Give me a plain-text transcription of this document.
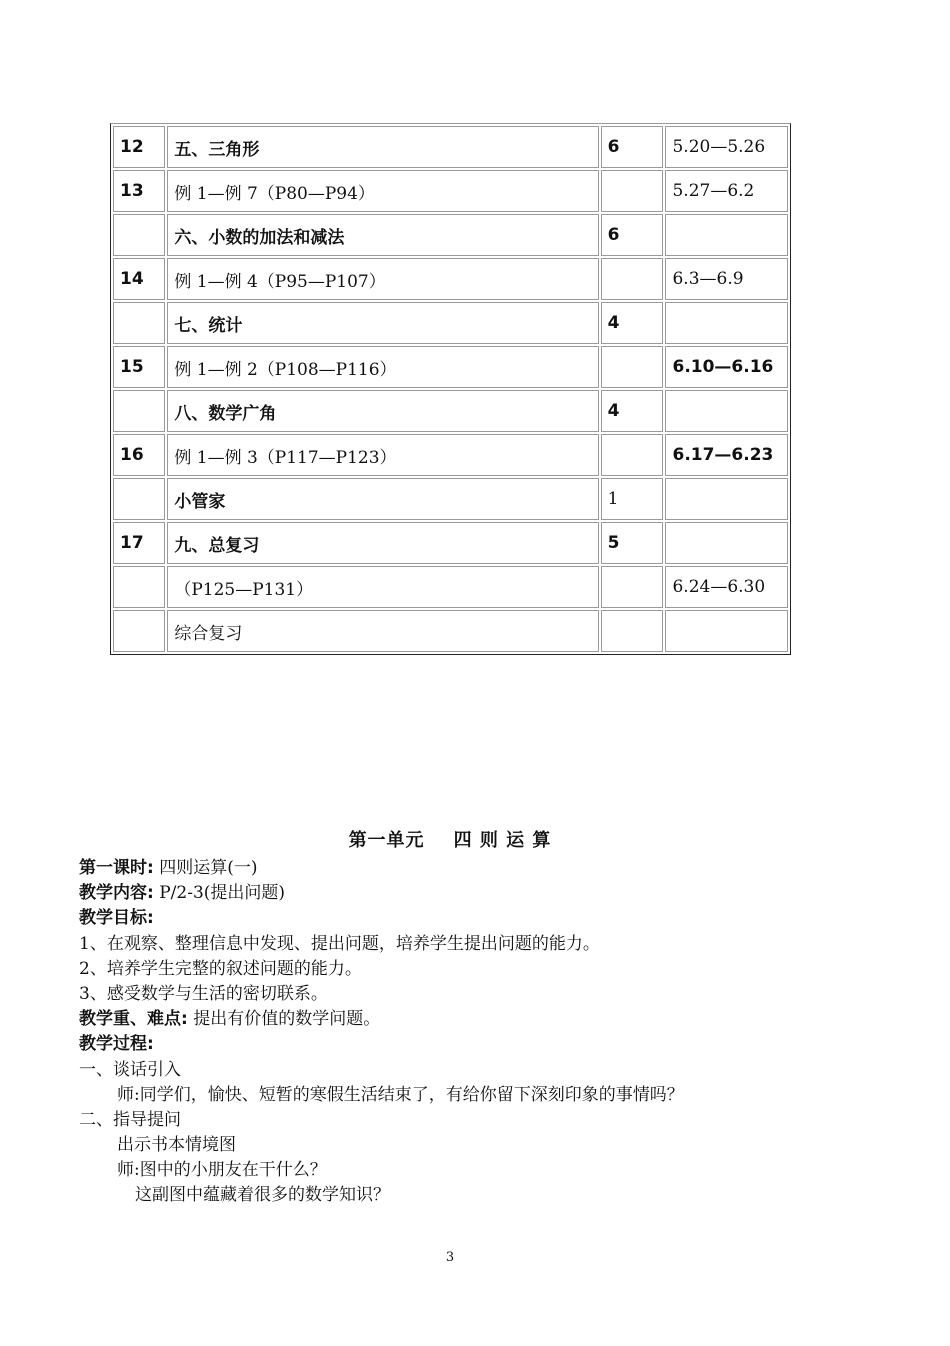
12	五、三角形	6	5.20—5.26
13	例 1—例 7（P80—P94）		5.27—6.2
	六、小数的加法和减法	6	
14	例 1—例 4（P95—P107）		6.3—6.9
	七、统计	4	
15	例 1—例 2（P108—P116）		6.10—6.16
	八、数学广角	4	
16	例 1—例 3（P117—P123）		6.17—6.23
	小管家	1	
17	九、总复习	5	
	（P125—P131）		6.24—6.30
	综合复习		
第一单元    四 则 运 算
第一课时: 四则运算(一)
教学内容: P/2-3(提出问题)
教学目标:
1、在观察、整理信息中发现、提出问题，培养学生提出问题的能力。
2、培养学生完整的叙述问题的能力。
3、感受数学与生活的密切联系。
教学重、难点: 提出有价值的数学问题。
教学过程:
一、谈话引入
师:同学们，愉快、短暂的寒假生活结束了，有给你留下深刻印象的事情吗？
二、指导提问
出示书本情境图
师:图中的小朋友在干什么？
这副图中蕴藏着很多的数学知识？
3
